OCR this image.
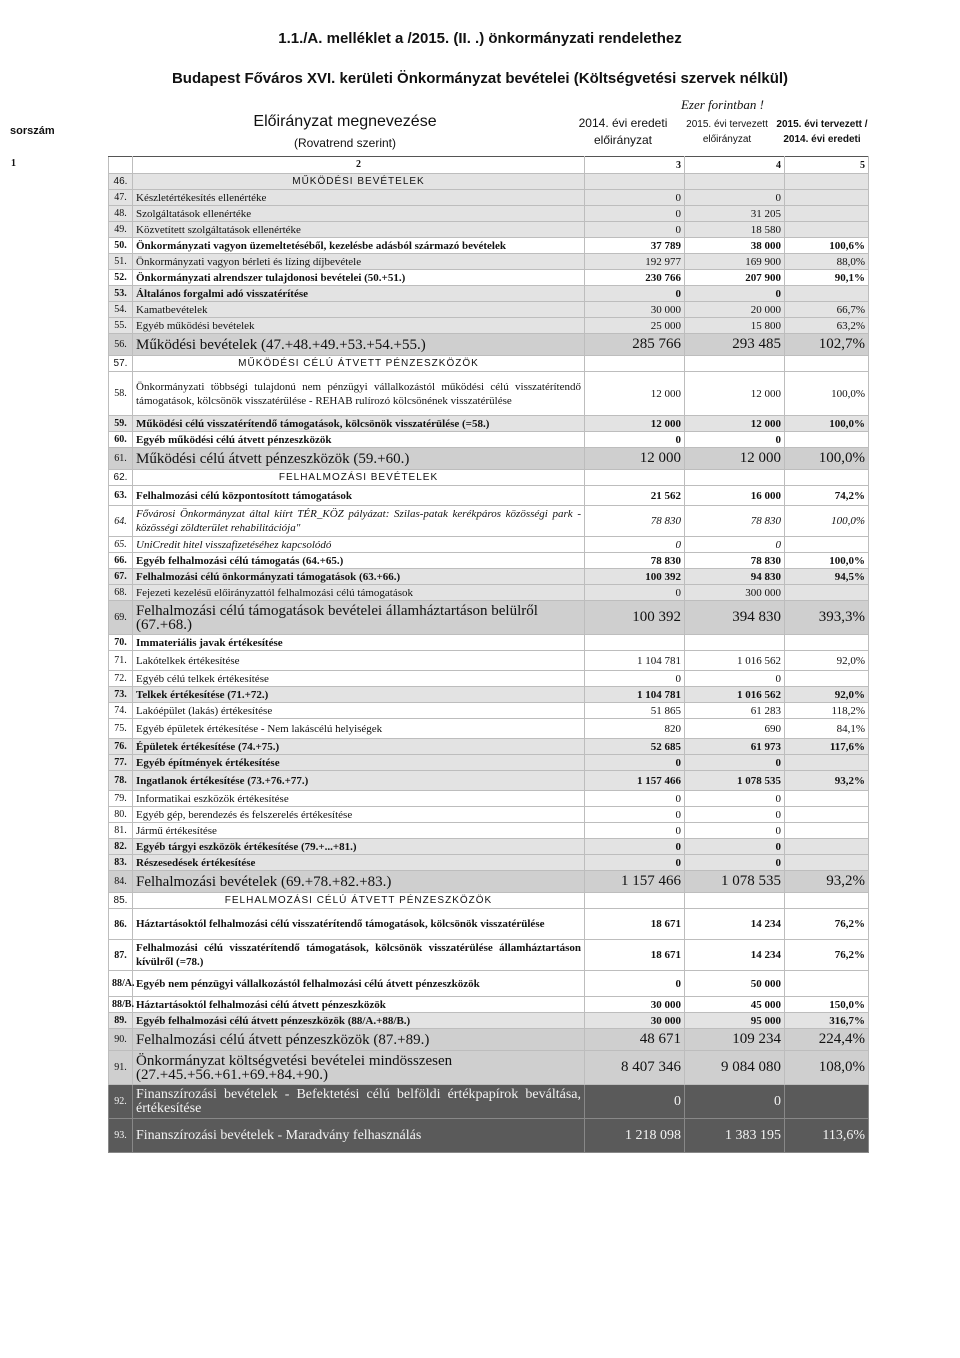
1.1./A. melléklet a /2015. (II. .) önkormányzati rendelethez
Budapest Főváros XVI. kerületi Önkormányzat bevételei (Költségvetési szervek nélkül)
Ezer forintban !
sorszám
Előirányzat megnevezése
(Rovatrend szerint)
2014. évi eredeti
előirányzat
2015. évi tervezett
előirányzat
2015. évi tervezett /
2014. évi eredeti
1	2	3	4	5
46.	MŰKÖDÉSI BEVÉTELEK			
47.	Készletértékesítés ellenértéke	0	0	
48.	Szolgáltatások ellenértéke	0	31 205	
49.	Közvetített szolgáltatások ellenértéke	0	18 580	
50.	Önkormányzati vagyon üzemeltetéséből, kezelésbe adásból származó bevételek	37 789	38 000	100,6%
51.	Önkormányzati vagyon bérleti és lízing díjbevétele	192 977	169 900	88,0%
52.	Önkormányzati alrendszer tulajdonosi bevételei (50.+51.)	230 766	207 900	90,1%
53.	Általános forgalmi adó visszatérítése	0	0	
54.	Kamatbevételek	30 000	20 000	66,7%
55.	Egyéb működési bevételek	25 000	15 800	63,2%
56.	Működési bevételek (47.+48.+49.+53.+54.+55.)	285 766	293 485	102,7%
57.	MŰKÖDÉSI CÉLÚ ÁTVETT PÉNZESZKÖZÖK			
58.	Önkormányzati többségi tulajdonú nem pénzügyi vállalkozástól működési célú visszatérítendő támogatások, kölcsönök visszatérülése - REHAB rulírozó kölcsönének visszatérülése	12 000	12 000	100,0%
59.	Működési célú visszatérítendő támogatások, kölcsönök visszatérülése (=58.)	12 000	12 000	100,0%
60.	Egyéb működési célú átvett pénzeszközök	0	0	
61.	Működési célú átvett pénzeszközök (59.+60.)	12 000	12 000	100,0%
62.	FELHALMOZÁSI BEVÉTELEK			
63.	Felhalmozási célú központosított támogatások	21 562	16 000	74,2%
64.	Fővárosi Önkormányzat által kiírt TÉR_KÖZ pályázat: Szilas-patak kerékpáros közösségi park - közösségi zöldterület rehabilitációja"	78 830	78 830	100,0%
65.	UniCredit hitel visszafizetéséhez kapcsolódó	0	0	
66.	Egyéb felhalmozási célú támogatás (64.+65.)	78 830	78 830	100,0%
67.	Felhalmozási célú önkormányzati támogatások (63.+66.)	100 392	94 830	94,5%
68.	Fejezeti kezelésű előirányzattól felhalmozási célú támogatások	0	300 000	
69.	Felhalmozási célú támogatások bevételei államháztartáson belülről (67.+68.)	100 392	394 830	393,3%
70.	Immateriális javak értékesítése			
71.	Lakótelkek értékesítése	1 104 781	1 016 562	92,0%
72.	Egyéb célú telkek értékesítése	0	0	
73.	Telkek értékesítése (71.+72.)	1 104 781	1 016 562	92,0%
74.	Lakóépület (lakás) értékesítése	51 865	61 283	118,2%
75.	Egyéb épületek értékesítése - Nem lakáscélú helyiségek	820	690	84,1%
76.	Épületek értékesítése (74.+75.)	52 685	61 973	117,6%
77.	Egyéb építmények értékesítése	0	0	
78.	Ingatlanok értékesítése (73.+76.+77.)	1 157 466	1 078 535	93,2%
79.	Informatikai eszközök értékesítése	0	0	
80.	Egyéb gép, berendezés és felszerelés értékesítése	0	0	
81.	Jármű értékesítése	0	0	
82.	Egyéb tárgyi eszközök értékesítése (79.+...+81.)	0	0	
83.	Részesedések értékesítése	0	0	
84.	Felhalmozási bevételek (69.+78.+82.+83.)	1 157 466	1 078 535	93,2%
85.	FELHALMOZÁSI CÉLÚ ÁTVETT PÉNZESZKÖZÖK			
86.	Háztartásoktól felhalmozási célú visszatérítendő támogatások, kölcsönök visszatérülése	18 671	14 234	76,2%
87.	Felhalmozási célú visszatérítendő támogatások, kölcsönök visszatérülése államháztartáson kívülről (=78.)	18 671	14 234	76,2%
88/A.	Egyéb nem pénzügyi vállalkozástól felhalmozási célú átvett pénzeszközök	0	50 000	
88/B.	Háztartásoktól felhalmozási célú átvett pénzeszközök	30 000	45 000	150,0%
89.	Egyéb felhalmozási célú átvett pénzeszközök (88/A.+88/B.)	30 000	95 000	316,7%
90.	Felhalmozási célú átvett pénzeszközök (87.+89.)	48 671	109 234	224,4%
91.	Önkormányzat költségvetési bevételei mindösszesen (27.+45.+56.+61.+69.+84.+90.)	8 407 346	9 084 080	108,0%
92.	Finanszírozási bevételek - Befektetési célú belföldi értékpapírok beváltása, értékesítése	0	0	
93.	Finanszírozási bevételek - Maradvány felhasználás	1 218 098	1 383 195	113,6%
